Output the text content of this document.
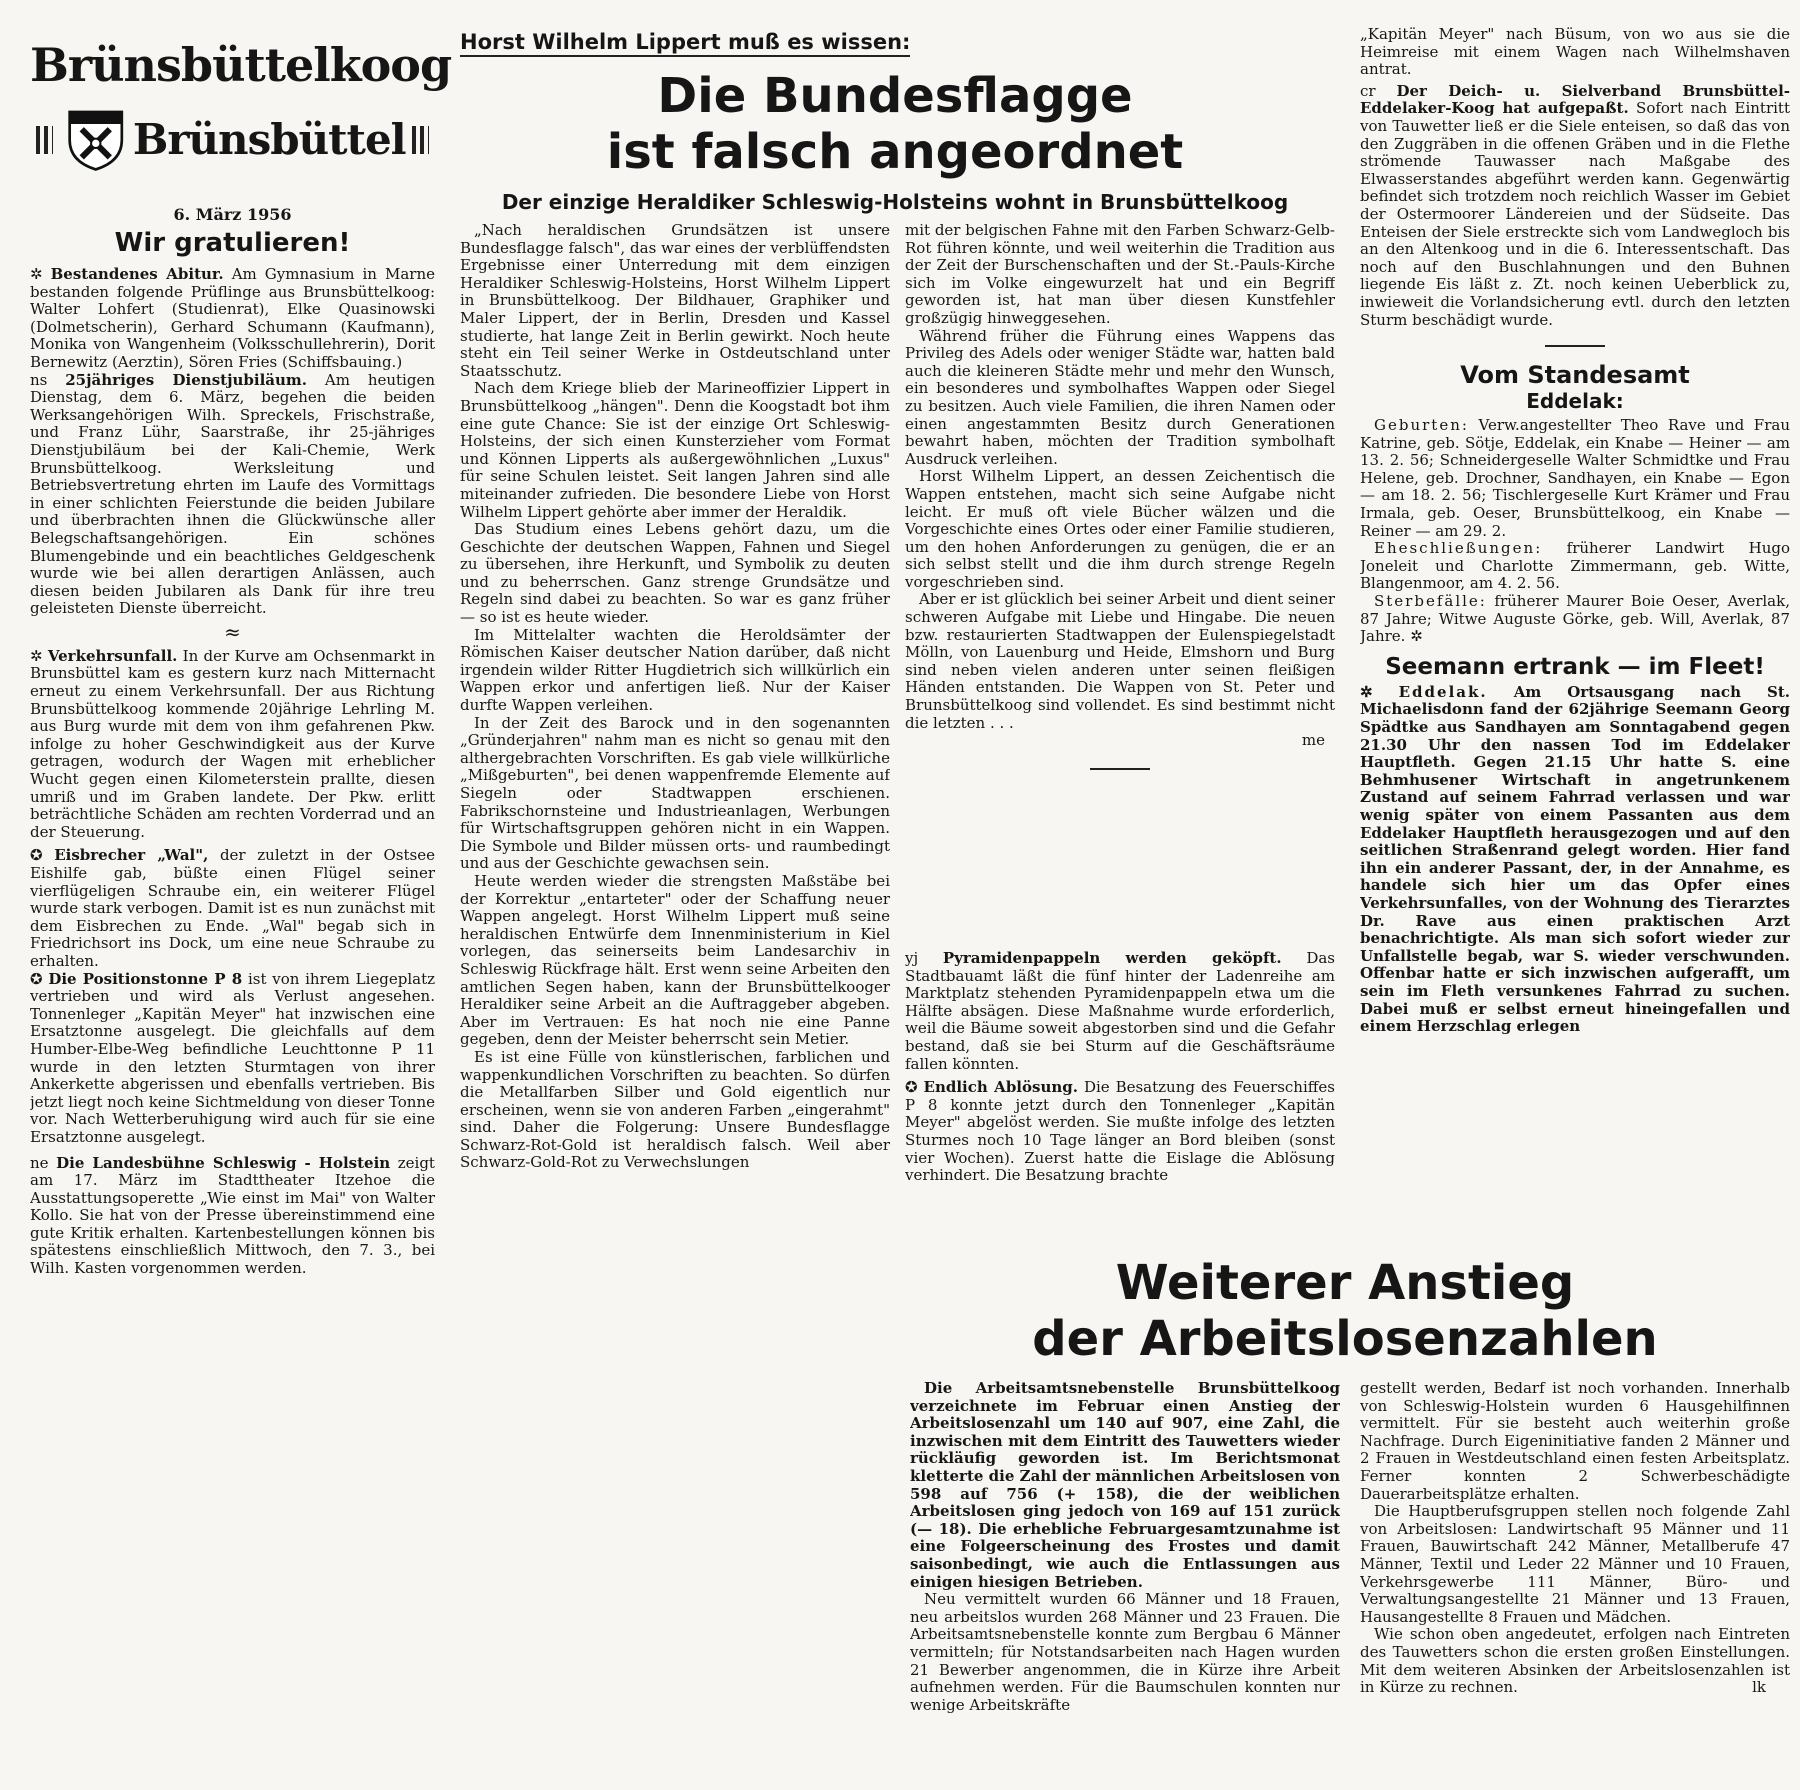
Brünsbüttelkoog
Brünsbüttel
6. März 1956
Wir gratulieren!

✲ Bestandenes Abitur. Am Gymnasium in Marne bestanden folgende Prüflinge aus Brunsbüttelkoog: Walter Lohfert (Studienrat), Elke Quasinowski (Dolmetscherin), Gerhard Schumann (Kaufmann), Monika von Wangenheim (Volksschullehrerin), Dorit Bernewitz (Aerztin), Sören Fries (Schiffsbauing.)

ns 25jähriges Dienstjubiläum. Am heutigen Dienstag, dem 6. März, begehen die beiden Werksangehörigen Wilh. Spreckels, Frischstraße, und Franz Lühr, Saarstraße, ihr 25-jähriges Dienstjubiläum bei der Kali-Chemie, Werk Brunsbüttelkoog. Werksleitung und Betriebsvertretung ehrten im Laufe des Vormittags in einer schlichten Feierstunde die beiden Jubilare und überbrachten ihnen die Glückwünsche aller Belegschaftsangehörigen. Ein schönes Blumengebinde und ein beachtliches Geldgeschenk wurde wie bei allen derartigen Anlässen, auch diesen beiden Jubilaren als Dank für ihre treu geleisteten Dienste überreicht.

≈

✲ Verkehrsunfall. In der Kurve am Ochsenmarkt in Brunsbüttel kam es gestern kurz nach Mitternacht erneut zu einem Verkehrsunfall. Der aus Richtung Brunsbüttelkoog kommende 20jährige Lehrling M. aus Burg wurde mit dem von ihm gefahrenen Pkw. infolge zu hoher Geschwindigkeit aus der Kurve getragen, wodurch der Wagen mit erheblicher Wucht gegen einen Kilometerstein prallte, diesen umriß und im Graben landete. Der Pkw. erlitt beträchtliche Schäden am rechten Vorderrad und an der Steuerung.

✪ Eisbrecher „Wal", der zuletzt in der Ostsee Eishilfe gab, büßte einen Flügel seiner vierflügeligen Schraube ein, ein weiterer Flügel wurde stark verbogen. Damit ist es nun zunächst mit dem Eisbrechen zu Ende. „Wal" begab sich in Friedrichsort ins Dock, um eine neue Schraube zu erhalten.

✪ Die Positionstonne P 8 ist von ihrem Liegeplatz vertrieben und wird als Verlust angesehen. Tonnenleger „Kapitän Meyer" hat inzwischen eine Ersatztonne ausgelegt. Die gleichfalls auf dem Humber-Elbe-Weg befindliche Leuchttonne P 11 wurde in den letzten Sturmtagen von ihrer Ankerkette abgerissen und ebenfalls vertrieben. Bis jetzt liegt noch keine Sichtmeldung von dieser Tonne vor. Nach Wetterberuhigung wird auch für sie eine Ersatztonne ausgelegt.

ne Die Landesbühne Schleswig - Holstein zeigt am 17. März im Stadttheater Itzehoe die Ausstattungsoperette „Wie einst im Mai" von Walter Kollo. Sie hat von der Presse übereinstimmend eine gute Kritik erhalten. Kartenbestellungen können bis spätestens einschließlich Mittwoch, den 7. 3., bei Wilh. Kasten vorgenommen werden.

Horst Wilhelm Lippert muß es wissen:
Die Bundesflagge
ist falsch angeordnet
Der einzige Heraldiker Schleswig-Holsteins wohnt in Brunsbüttelkoog

„Nach heraldischen Grundsätzen ist unsere Bundesflagge falsch", das war eines der verblüffendsten Ergebnisse einer Unterredung mit dem einzigen Heraldiker Schleswig-Holsteins, Horst Wilhelm Lippert in Brunsbüttelkoog. Der Bildhauer, Graphiker und Maler Lippert, der in Berlin, Dresden und Kassel studierte, hat lange Zeit in Berlin gewirkt. Noch heute steht ein Teil seiner Werke in Ostdeutschland unter Staatsschutz.

Nach dem Kriege blieb der Marineoffizier Lippert in Brunsbüttelkoog „hängen". Denn die Koogstadt bot ihm eine gute Chance: Sie ist der einzige Ort Schleswig-Holsteins, der sich einen Kunsterzieher vom Format und Können Lipperts als außergewöhnlichen „Luxus" für seine Schulen leistet. Seit langen Jahren sind alle miteinander zufrieden. Die besondere Liebe von Horst Wilhelm Lippert gehörte aber immer der Heraldik.

Das Studium eines Lebens gehört dazu, um die Geschichte der deutschen Wappen, Fahnen und Siegel zu übersehen, ihre Herkunft, und Symbolik zu deuten und zu beherrschen. Ganz strenge Grundsätze und Regeln sind dabei zu beachten. So war es ganz früher — so ist es heute wieder.

Im Mittelalter wachten die Heroldsämter der Römischen Kaiser deutscher Nation darüber, daß nicht irgendein wilder Ritter Hugdietrich sich willkürlich ein Wappen erkor und anfertigen ließ. Nur der Kaiser durfte Wappen verleihen.

In der Zeit des Barock und in den sogenannten „Gründerjahren" nahm man es nicht so genau mit den althergebrachten Vorschriften. Es gab viele willkürliche „Mißgeburten", bei denen wappenfremde Elemente auf Siegeln oder Stadtwappen erschienen. Fabrikschornsteine und Industrieanlagen, Werbungen für Wirtschaftsgruppen gehören nicht in ein Wappen. Die Symbole und Bilder müssen orts- und raumbedingt und aus der Geschichte gewachsen sein.

Heute werden wieder die strengsten Maßstäbe bei der Korrektur „entarteter" oder der Schaffung neuer Wappen angelegt. Horst Wilhelm Lippert muß seine heraldischen Entwürfe dem Innenministerium in Kiel vorlegen, das seinerseits beim Landesarchiv in Schleswig Rückfrage hält. Erst wenn seine Arbeiten den amtlichen Segen haben, kann der Brunsbüttelkooger Heraldiker seine Arbeit an die Auftraggeber abgeben. Aber im Vertrauen: Es hat noch nie eine Panne gegeben, denn der Meister beherrscht sein Metier.

Es ist eine Fülle von künstlerischen, farblichen und wappenkundlichen Vorschriften zu beachten. So dürfen die Metallfarben Silber und Gold eigentlich nur erscheinen, wenn sie von anderen Farben „eingerahmt" sind. Daher die Folgerung: Unsere Bundesflagge Schwarz-Rot-Gold ist heraldisch falsch. Weil aber Schwarz-Gold-Rot zu Verwechslungen

mit der belgischen Fahne mit den Farben Schwarz-Gelb-Rot führen könnte, und weil weiterhin die Tradition aus der Zeit der Burschenschaften und der St.-Pauls-Kirche sich im Volke eingewurzelt hat und ein Begriff geworden ist, hat man über diesen Kunstfehler großzügig hinweggesehen.

Während früher die Führung eines Wappens das Privileg des Adels oder weniger Städte war, hatten bald auch die kleineren Städte mehr und mehr den Wunsch, ein besonderes und symbolhaftes Wappen oder Siegel zu besitzen. Auch viele Familien, die ihren Namen oder einen angestammten Besitz durch Generationen bewahrt haben, möchten der Tradition symbolhaft Ausdruck verleihen.

Horst Wilhelm Lippert, an dessen Zeichentisch die Wappen entstehen, macht sich seine Aufgabe nicht leicht. Er muß oft viele Bücher wälzen und die Vorgeschichte eines Ortes oder einer Familie studieren, um den hohen Anforderungen zu genügen, die er an sich selbst stellt und die ihm durch strenge Regeln vorgeschrieben sind.

Aber er ist glücklich bei seiner Arbeit und dient seiner schweren Aufgabe mit Liebe und Hingabe. Die neuen bzw. restaurierten Stadtwappen der Eulenspiegelstadt Mölln, von Lauenburg und Heide, Elmshorn und Burg sind neben vielen anderen unter seinen fleißigen Händen entstanden. Die Wappen von St. Peter und Brunsbüttelkoog sind vollendet. Es sind bestimmt nicht die letzten . . .

me

yj Pyramidenpappeln werden geköpft. Das Stadtbauamt läßt die fünf hinter der Ladenreihe am Marktplatz stehenden Pyramidenpappeln etwa um die Hälfte absägen. Diese Maßnahme wurde erforderlich, weil die Bäume soweit abgestorben sind und die Gefahr bestand, daß sie bei Sturm auf die Geschäftsräume fallen könnten.

✪ Endlich Ablösung. Die Besatzung des Feuerschiffes P 8 konnte jetzt durch den Tonnenleger „Kapitän Meyer" abgelöst werden. Sie mußte infolge des letzten Sturmes noch 10 Tage länger an Bord bleiben (sonst vier Wochen). Zuerst hatte die Eislage die Ablösung verhindert. Die Besatzung brachte

„Kapitän Meyer" nach Büsum, von wo aus sie die Heimreise mit einem Wagen nach Wilhelmshaven antrat.

cr Der Deich- u. Sielverband Brunsbüttel-Eddelaker-Koog hat aufgepaßt. Sofort nach Eintritt von Tauwetter ließ er die Siele enteisen, so daß das von den Zuggräben in die offenen Gräben und in die Flethe strömende Tauwasser nach Maßgabe des Elwasserstandes abgeführt werden kann. Gegenwärtig befindet sich trotzdem noch reichlich Wasser im Gebiet der Ostermoorer Ländereien und der Südseite. Das Enteisen der Siele erstreckte sich vom Landwegloch bis an den Altenkoog und in die 6. Interessentschaft. Das noch auf den Buschlahnungen und den Buhnen liegende Eis läßt z. Zt. noch keinen Ueberblick zu, inwieweit die Vorlandsicherung evtl. durch den letzten Sturm beschädigt wurde.

Vom Standesamt
Eddelak:

Geburten: Verw.angestellter Theo Rave und Frau Katrine, geb. Sötje, Eddelak, ein Knabe — Heiner — am 13. 2. 56; Schneidergeselle Walter Schmidtke und Frau Helene, geb. Drochner, Sandhayen, ein Knabe — Egon — am 18. 2. 56; Tischlergeselle Kurt Krämer und Frau Irmala, geb. Oeser, Brunsbüttelkoog, ein Knabe — Reiner — am 29. 2.

Eheschließungen: früherer Landwirt Hugo Joneleit und Charlotte Zimmermann, geb. Witte, Blangenmoor, am 4. 2. 56.

Sterbefälle: früherer Maurer Boie Oeser, Averlak, 87 Jahre; Witwe Auguste Görke, geb. Will, Averlak, 87 Jahre. ✲

Seemann ertrank — im Fleet!

✲ Eddelak. Am Ortsausgang nach St. Michaelisdonn fand der 62jährige Seemann Georg Spädtke aus Sandhayen am Sonntagabend gegen 21.30 Uhr den nassen Tod im Eddelaker Hauptfleth. Gegen 21.15 Uhr hatte S. eine Behmhusener Wirtschaft in angetrunkenem Zustand auf seinem Fahrrad verlassen und war wenig später von einem Passanten aus dem Eddelaker Hauptfleth herausgezogen und auf den seitlichen Straßenrand gelegt worden. Hier fand ihn ein anderer Passant, der, in der Annahme, es handele sich hier um das Opfer eines Verkehrsunfalles, von der Wohnung des Tierarztes Dr. Rave aus einen praktischen Arzt benachrichtigte. Als man sich sofort wieder zur Unfallstelle begab, war S. wieder verschwunden. Offenbar hatte er sich inzwischen aufgerafft, um sein im Fleth versunkenes Fahrrad zu suchen. Dabei muß er selbst erneut hineingefallen und einem Herzschlag erlegen

Weiterer Anstieg
der Arbeitslosenzahlen

Die Arbeitsamtsnebenstelle Brunsbüttelkoog verzeichnete im Februar einen Anstieg der Arbeitslosenzahl um 140 auf 907, eine Zahl, die inzwischen mit dem Eintritt des Tauwetters wieder rückläufig geworden ist. Im Berichtsmonat kletterte die Zahl der männlichen Arbeitslosen von 598 auf 756 (+ 158), die der weiblichen Arbeitslosen ging jedoch von 169 auf 151 zurück (— 18). Die erhebliche Februargesamtzunahme ist eine Folgeerscheinung des Frostes und damit saisonbedingt, wie auch die Entlassungen aus einigen hiesigen Betrieben.

Neu vermittelt wurden 66 Männer und 18 Frauen, neu arbeitslos wurden 268 Männer und 23 Frauen. Die Arbeitsamtsnebenstelle konnte zum Bergbau 6 Männer vermitteln; für Notstandsarbeiten nach Hagen wurden 21 Bewerber angenommen, die in Kürze ihre Arbeit aufnehmen werden. Für die Baumschulen konnten nur wenige Arbeitskräfte

gestellt werden, Bedarf ist noch vorhanden. Innerhalb von Schleswig-Holstein wurden 6 Hausgehilfinnen vermittelt. Für sie besteht auch weiterhin große Nachfrage. Durch Eigeninitiative fanden 2 Männer und 2 Frauen in Westdeutschland einen festen Arbeitsplatz. Ferner konnten 2 Schwerbeschädigte Dauerarbeitsplätze erhalten.

Die Hauptberufsgruppen stellen noch folgende Zahl von Arbeitslosen: Landwirtschaft 95 Männer und 11 Frauen, Bauwirtschaft 242 Männer, Metallberufe 47 Männer, Textil und Leder 22 Männer und 10 Frauen, Verkehrsgewerbe 111 Männer, Büro- und Verwaltungsangestellte 21 Männer und 13 Frauen, Hausangestellte 8 Frauen und Mädchen.

Wie schon oben angedeutet, erfolgen nach Eintreten des Tauwetters schon die ersten großen Einstellungen. Mit dem weiteren Absinken der Arbeitslosenzahlen ist in Kürze zu rechnen.	lk
